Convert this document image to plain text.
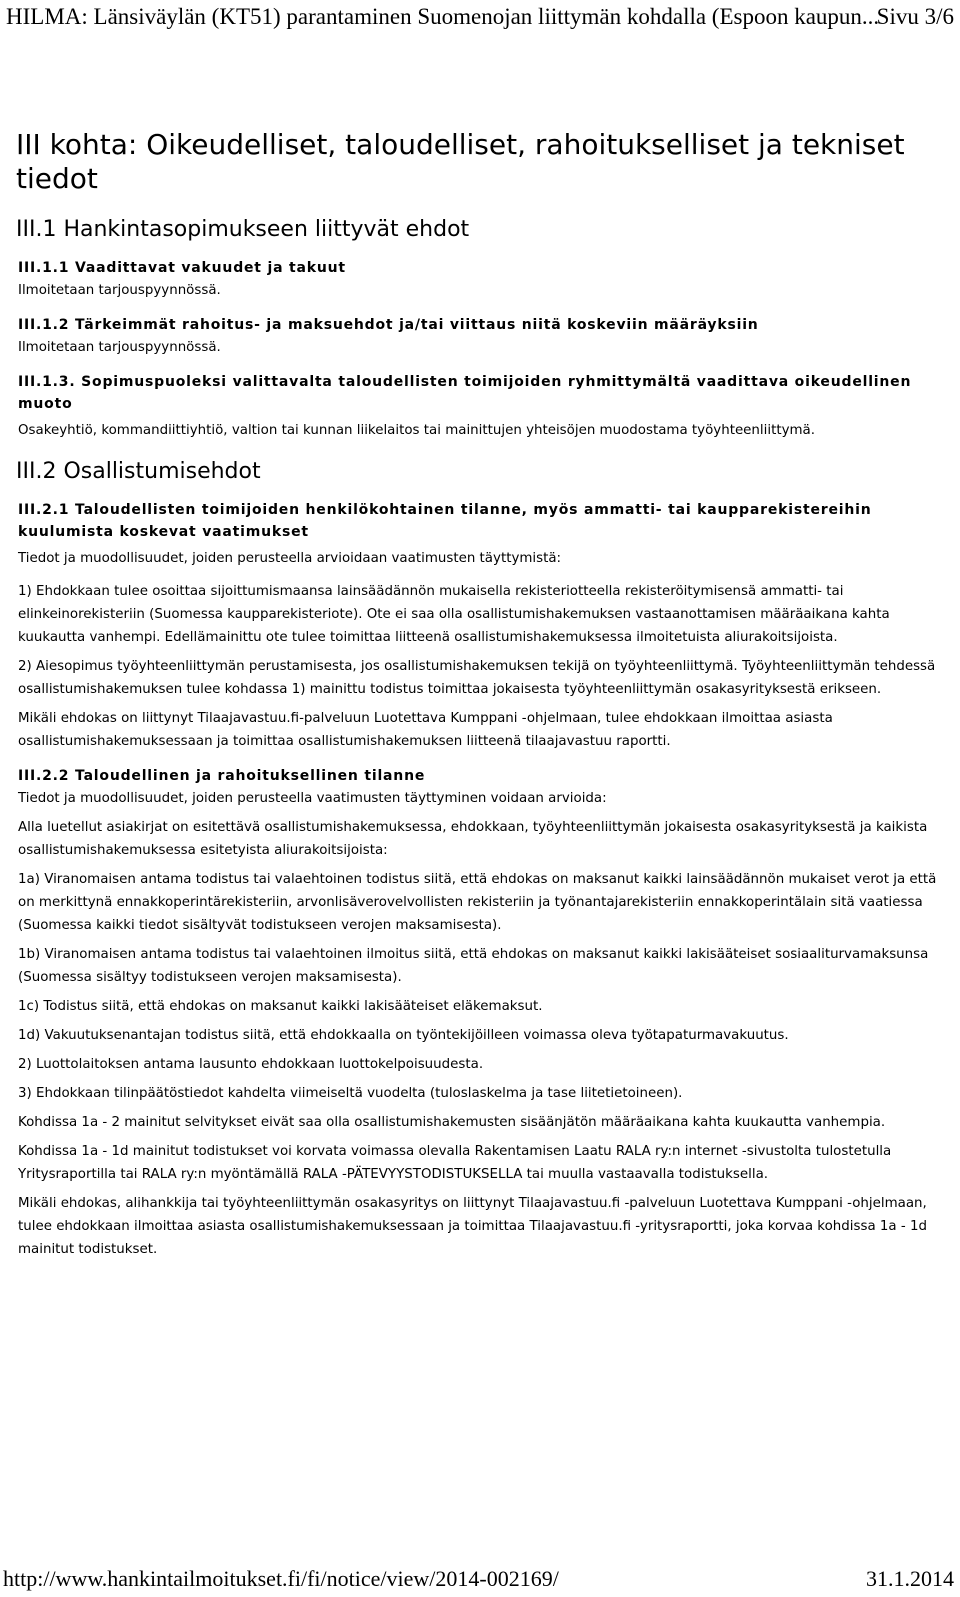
HILMA: Länsiväylän (KT51) parantaminen Suomenojan liittymän kohdalla (Espoon kaupun...
Sivu 3/6
III kohta: Oikeudelliset, taloudelliset, rahoitukselliset ja tekniset tiedot
III.1 Hankintasopimukseen liittyvät ehdot
III.1.1 Vaadittavat vakuudet ja takuut

Ilmoitetaan tarjouspyynnössä.

III.1.2 Tärkeimmät rahoitus- ja maksuehdot ja/tai viittaus niitä koskeviin määräyksiin

Ilmoitetaan tarjouspyynnössä.

III.1.3. Sopimuspuoleksi valittavalta taloudellisten toimijoiden ryhmittymältä vaadittava oikeudellinen muoto

Osakeyhtiö, kommandiittiyhtiö, valtion tai kunnan liikelaitos tai mainittujen yhteisöjen muodostama työyhteenliittymä.

III.2 Osallistumisehdot
III.2.1 Taloudellisten toimijoiden henkilökohtainen tilanne, myös ammatti- tai kaupparekistereihin kuulumista koskevat vaatimukset

Tiedot ja muodollisuudet, joiden perusteella arvioidaan vaatimusten täyttymistä:

1) Ehdokkaan tulee osoittaa sijoittumismaansa lainsäädännön mukaisella rekisteriotteella rekisteröitymisensä ammatti- tai elinkeinorekisteriin (Suomessa kaupparekisteriote). Ote ei saa olla osallistumishakemuksen vastaanottamisen määräaikana kahta kuukautta vanhempi. Edellämainittu ote tulee toimittaa liitteenä osallistumishakemuksessa ilmoitetuista aliurakoitsijoista.

2) Aiesopimus työyhteenliittymän perustamisesta, jos osallistumishakemuksen tekijä on työyhteenliittymä. Työyhteenliittymän tehdessä osallistumishakemuksen tulee kohdassa 1) mainittu todistus toimittaa jokaisesta työyhteenliittymän osakasyrityksestä erikseen.

Mikäli ehdokas on liittynyt Tilaajavastuu.fi-palveluun Luotettava Kumppani -ohjelmaan, tulee ehdokkaan ilmoittaa asiasta osallistumishakemuksessaan ja toimittaa osallistumishakemuksen liitteenä tilaajavastuu raportti.

III.2.2 Taloudellinen ja rahoituksellinen tilanne

Tiedot ja muodollisuudet, joiden perusteella vaatimusten täyttyminen voidaan arvioida:

Alla luetellut asiakirjat on esitettävä osallistumishakemuksessa, ehdokkaan, työyhteenliittymän jokaisesta osakasyrityksestä ja kaikista osallistumishakemuksessa esitetyista aliurakoitsijoista:

1a) Viranomaisen antama todistus tai valaehtoinen todistus siitä, että ehdokas on maksanut kaikki lainsäädännön mukaiset verot ja että on merkittynä ennakkoperintärekisteriin, arvonlisäverovelvollisten rekisteriin ja työnantajarekisteriin ennakkoperintälain sitä vaatiessa (Suomessa kaikki tiedot sisältyvät todistukseen verojen maksamisesta).

1b) Viranomaisen antama todistus tai valaehtoinen ilmoitus siitä, että ehdokas on maksanut kaikki lakisääteiset sosiaaliturvamaksunsa (Suomessa sisältyy todistukseen verojen maksamisesta).

1c) Todistus siitä, että ehdokas on maksanut kaikki lakisääteiset eläkemaksut.

1d) Vakuutuksenantajan todistus siitä, että ehdokkaalla on työntekijöilleen voimassa oleva työtapaturmavakuutus.

2) Luottolaitoksen antama lausunto ehdokkaan luottokelpoisuudesta.

3) Ehdokkaan tilinpäätöstiedot kahdelta viimeiseltä vuodelta (tuloslaskelma ja tase liitetietoineen).

Kohdissa 1a - 2 mainitut selvitykset eivät saa olla osallistumishakemusten sisäänjätön määräaikana kahta kuukautta vanhempia.

Kohdissa 1a - 1d mainitut todistukset voi korvata voimassa olevalla Rakentamisen Laatu RALA ry:n internet -sivustolta tulostetulla Yritysraportilla tai RALA ry:n myöntämällä RALA -PÄTEVYYSTODISTUKSELLA tai muulla vastaavalla todistuksella.

Mikäli ehdokas, alihankkija tai työyhteenliittymän osakasyritys on liittynyt Tilaajavastuu.fi -palveluun Luotettava Kumppani -ohjelmaan, tulee ehdokkaan ilmoittaa asiasta osallistumishakemuksessaan ja toimittaa Tilaajavastuu.fi -yritysraportti, joka korvaa kohdissa 1a - 1d mainitut todistukset.

http://www.hankintailmoitukset.fi/fi/notice/view/2014-002169/	31.1.2014
